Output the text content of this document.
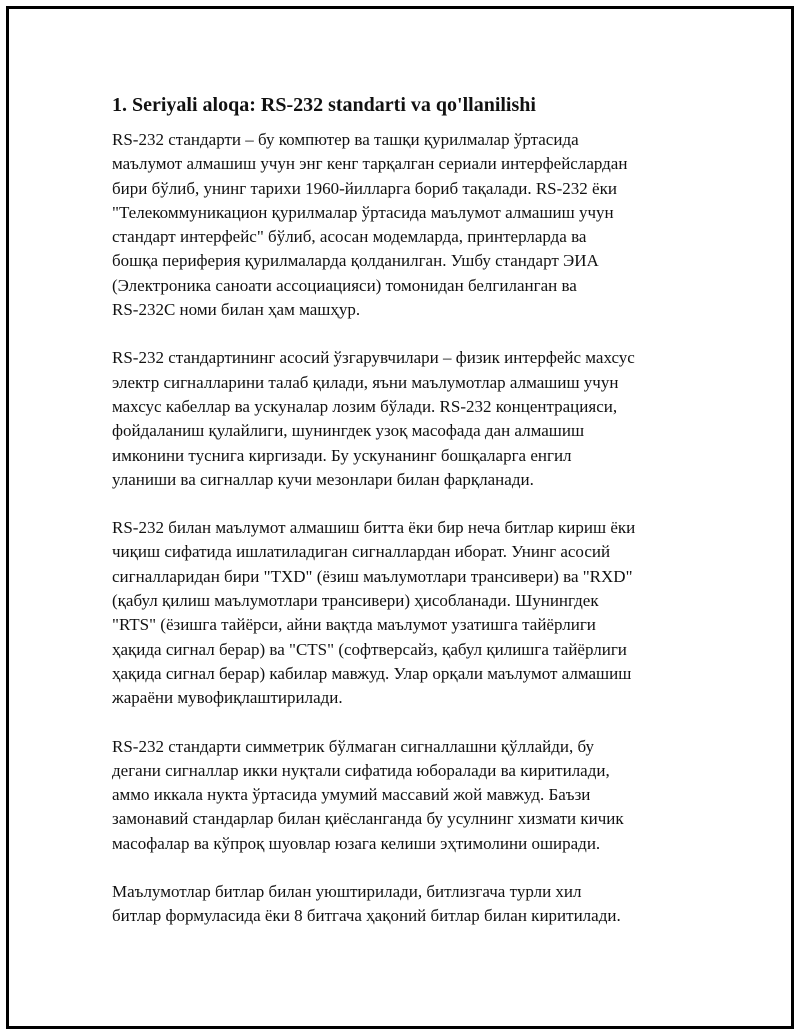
1. Seriyali aloqa: RS-232 standarti va qo'llanilishi
RS-232 стандарти – бу компютер ва ташқи қурилмалар ўртасида
маълумот алмашиш учун энг кенг тарқалган сериали интерфейслардан
бири бўлиб, унинг тарихи 1960-йилларга бориб тақалади. RS-232 ёки
"Телекоммуникацион қурилмалар ўртасида маълумот алмашиш учун
стандарт интерфейс" бўлиб, асосан модемларда, принтерларда ва
бошқа периферия қурилмаларда қолданилган. Ушбу стандарт ЭИА
(Электроника саноати ассоциацияси) томонидан белгиланган ва
RS-232C номи билан ҳам машҳур.
RS-232 стандартининг асосий ўзгарувчилари – физик интерфейс махсус
электр сигналларини талаб қилади, яъни маълумотлар алмашиш учун
махсус кабеллар ва ускуналар лозим бўлади. RS-232 концентрацияси,
фойдаланиш қулайлиги, шунингдек узоқ масофада дан алмашиш
имконини туснига киргизади. Бу ускунанинг бошқаларга енгил
уланиши ва сигналлар кучи мезонлари билан фарқланади.
RS-232 билан маълумот алмашиш битта ёки бир неча битлар кириш ёки
чиқиш сифатида ишлатиладиган сигналлардан иборат. Унинг асосий
сигналларидан бири "TXD" (ёзиш маълумотлари трансивери) ва "RXD"
(қабул қилиш маълумотлари трансивери) ҳисобланади. Шунингдек
"RTS" (ёзишга тайёрси, айни вақтда маълумот узатишга тайёрлиги
ҳақида сигнал берар) ва "CTS" (софтверсайз, қабул қилишга тайёрлиги
ҳақида сигнал берар) кабилар мавжуд. Улар орқали маълумот алмашиш
жараёни мувофиқлаштирилади.
RS-232 стандарти симметрик бўлмаган сигналлашни қўллайди, бу
дегани сигналлар икки нуқтали сифатида юборалади ва киритилади,
аммо иккала нукта ўртасида умумий массавий жой мавжуд. Баъзи
замонавий стандарлар билан қиёсланганда бу усулнинг хизмати кичик
масофалар ва кўпроқ шуовлар юзага келиши эҳтимолини оширади.
Маълумотлар битлар билан уюштирилади, битлизгача турли хил
битлар формуласида ёки 8 битгача ҳақоний битлар билан киритилади.
